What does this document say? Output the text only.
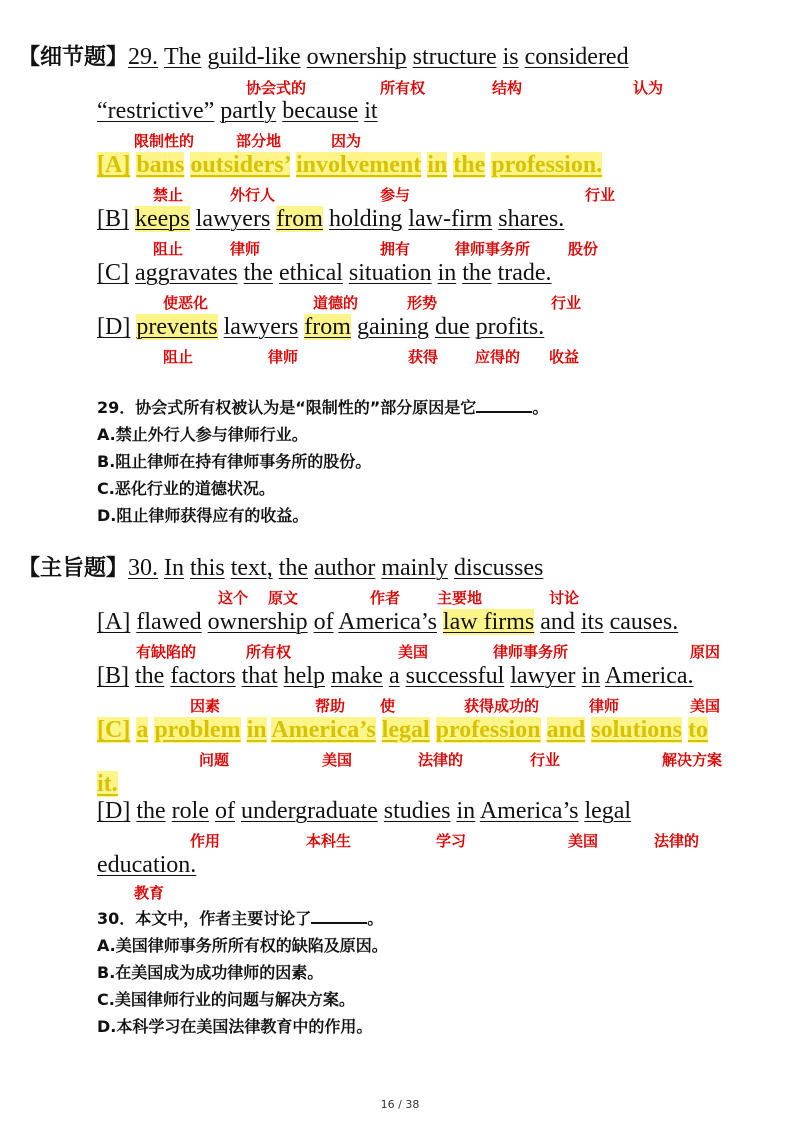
【细节题】29. The guild-like ownership structure is considered
协会式的	所有权	结构	认为
“restrictive” partly because it
限制性的	部分地	因为
[A] bans outsiders’ involvement in the profession.
禁止	外行人	参与	行业
[B] keeps lawyers from holding law-firm shares.
阻止	律师	拥有	律师事务所	股份
[C] aggravates the ethical situation in the trade.
使恶化	道德的	形势	行业
[D] prevents lawyers from gaining due profits.
阻止	律师	获得 应得的 收益
29．协会式所有权被认为是“限制性的”部分原因是它	。
A.禁止外行人参与律师行业。
B.阻止律师在持有律师事务所的股份。
C.恶化行业的道德状况。
D.阻止律师获得应有的收益。
【主旨题】30. In this text, the author mainly discusses
这个 原文	作者 主要地	讨论
[A] flawed ownership of America’s law firms and its causes.
有缺陷的	所有权	美国	律师事务所	原因
[B] the factors that help make a successful lawyer in America.
因素	帮助 使	获得成功的	律师	美国
[C] a problem in America’s legal profession and solutions to
问题	美国	法律的	行业	解决方案
it.
[D] the role of undergraduate studies in America’s legal
作用	本科生	学习	美国	法律的
education.
教育
30．本文中，作者主要讨论了	。
A.美国律师事务所所有权的缺陷及原因。
B.在美国成为成功律师的因素。
C.美国律师行业的问题与解决方案。
D.本科学习在美国法律教育中的作用。
16 / 38
